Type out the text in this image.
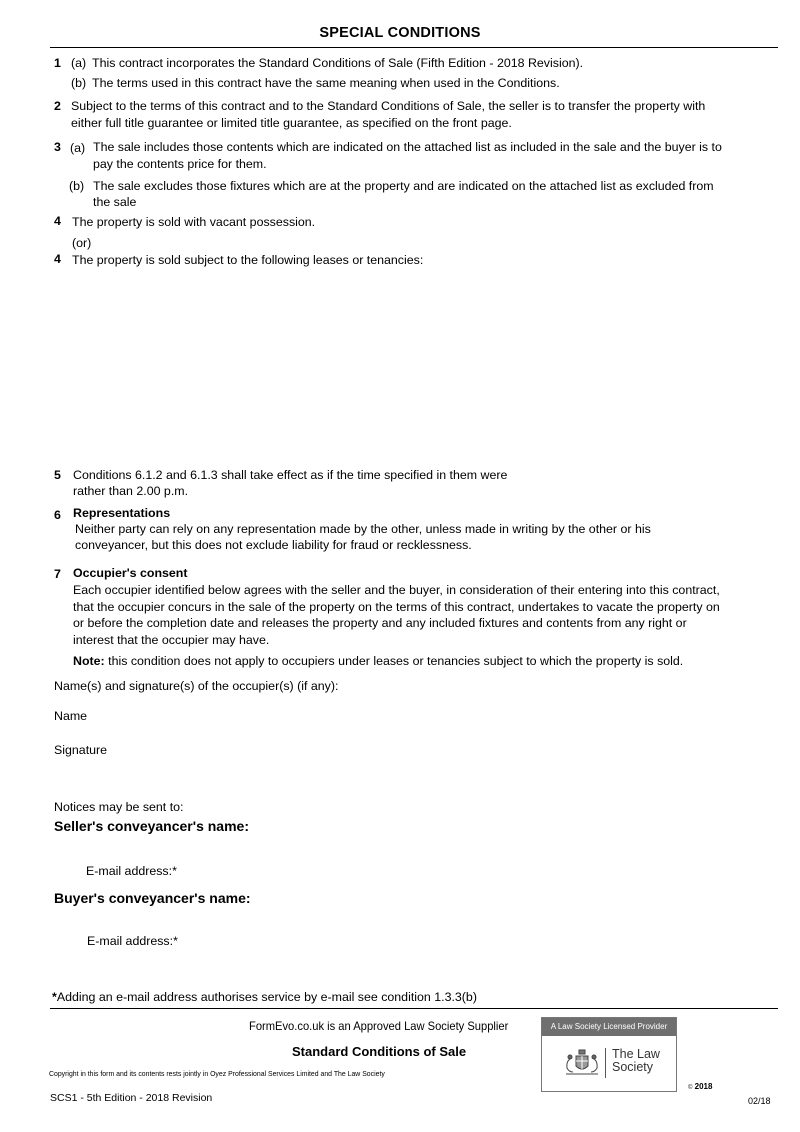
SPECIAL CONDITIONS
1 (a) This contract incorporates the Standard Conditions of Sale (Fifth Edition - 2018 Revision).
(b) The terms used in this contract have the same meaning when used in the Conditions.
2 Subject to the terms of this contract and to the Standard Conditions of Sale, the seller is to transfer the property with
either full title guarantee or limited title guarantee, as specified on the front page.
3 (a) The sale includes those contents which are indicated on the attached list as included in the sale and the buyer is to
pay the contents price for them.
(b) The sale excludes those fixtures which are at the property and are indicated on the attached list as excluded from
the sale
4 The property is sold with vacant possession.
(or)
4 The property is sold subject to the following leases or tenancies:
5 Conditions 6.1.2 and 6.1.3 shall take effect as if the time specified in them were
rather than 2.00 p.m.
6 Representations
Neither party can rely on any representation made by the other, unless made in writing by the other or his
conveyancer, but this does not exclude liability for fraud or recklessness.
7 Occupier's consent
Each occupier identified below agrees with the seller and the buyer, in consideration of their entering into this contract,
that the occupier concurs in the sale of the property on the terms of this contract, undertakes to vacate the property on
or before the completion date and releases the property and any included fixtures and contents from any right or
interest that the occupier may have.
Note: this condition does not apply to occupiers under leases or tenancies subject to which the property is sold.
Name(s) and signature(s) of the occupier(s) (if any):
Name
Signature
Notices may be sent to:
Seller's conveyancer's name:
E-mail address:*
Buyer's conveyancer's name:
E-mail address:*
*Adding an e-mail address authorises service by e-mail see condition 1.3.3(b)
FormEvo.co.uk is an Approved Law Society Supplier
Standard Conditions of Sale
Copyright in this form and its contents rests jointly in Oyez Professional Services Limited and The Law Society
SCS1 - 5th Edition - 2018 Revision	02/18
© 2018
A Law Society Licensed Provider
The Law
Society
